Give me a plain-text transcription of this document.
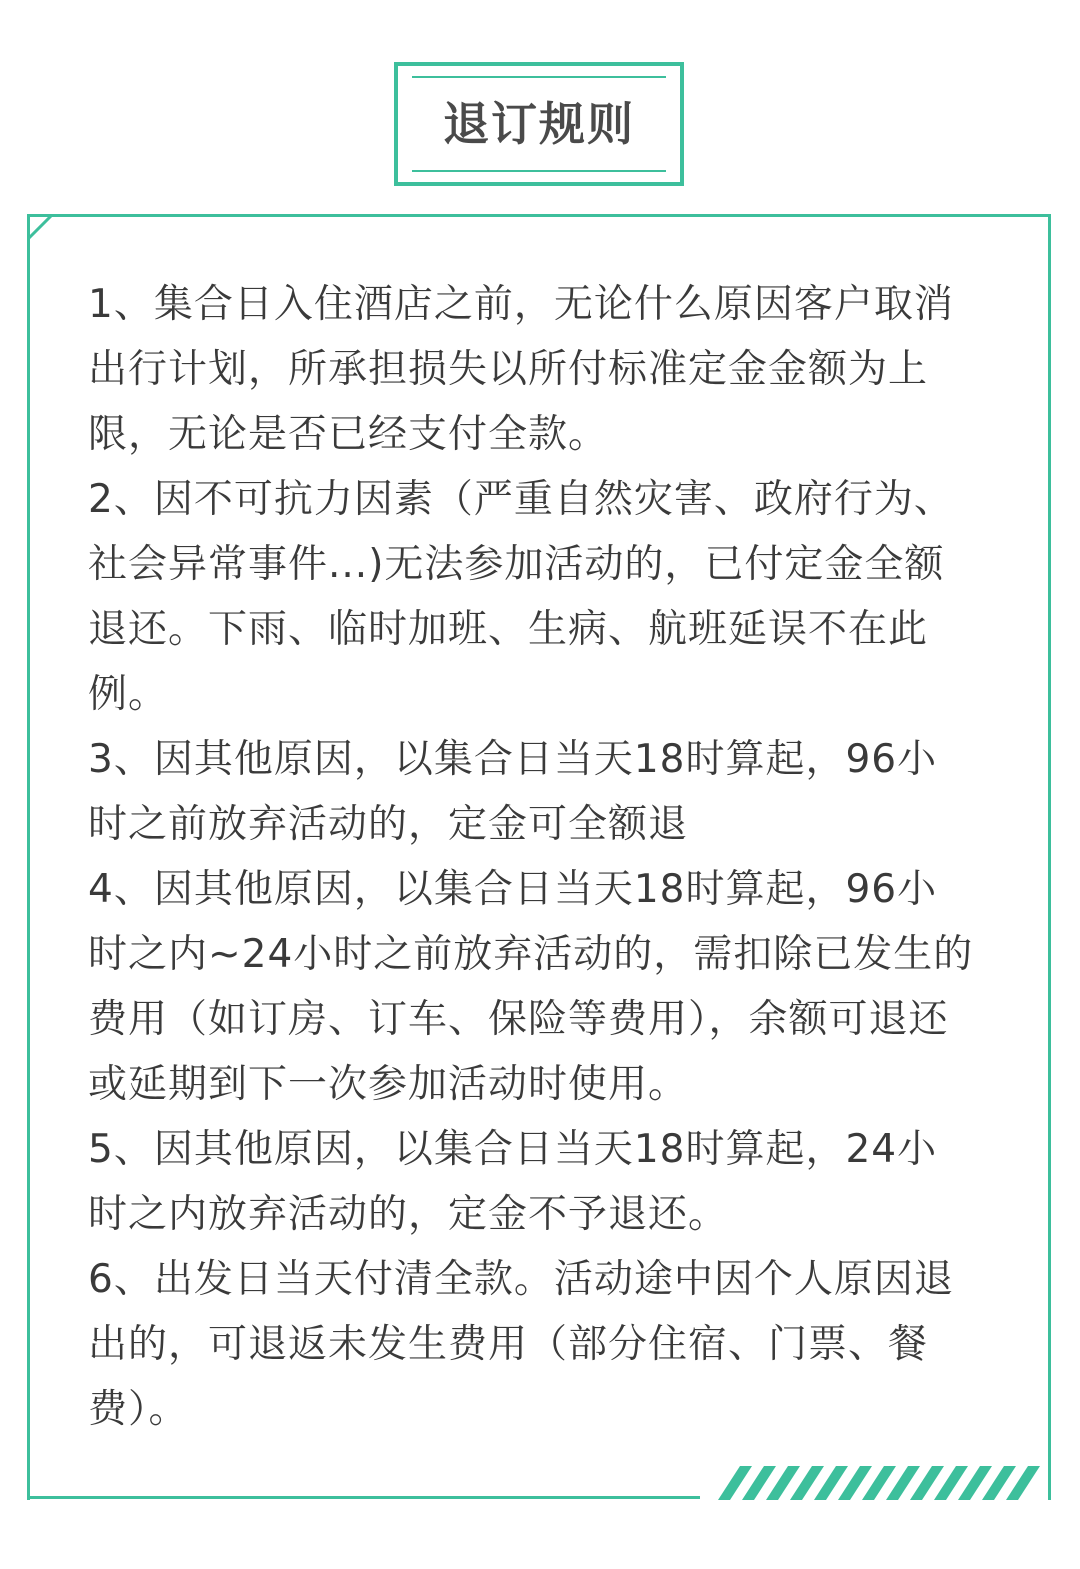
退订规则
1、集合日入住酒店之前，无论什么原因客户取消
出行计划，所承担损失以所付标准定金金额为上
限，无论是否已经支付全款。
2、因不可抗力因素（严重自然灾害、政府行为、
社会异常事件...)无法参加活动的，已付定金全额
退还。下雨、临时加班、生病、航班延误不在此
例。
3、因其他原因，以集合日当天18时算起，96小
时之前放弃活动的，定金可全额退
4、因其他原因，以集合日当天18时算起，96小
时之内~24小时之前放弃活动的，需扣除已发生的
费用（如订房、订车、保险等费用），余额可退还
或延期到下一次参加活动时使用。
5、因其他原因，以集合日当天18时算起，24小
时之内放弃活动的，定金不予退还。
6、出发日当天付清全款。活动途中因个人原因退
出的，可退返未发生费用（部分住宿、门票、餐
费）。
